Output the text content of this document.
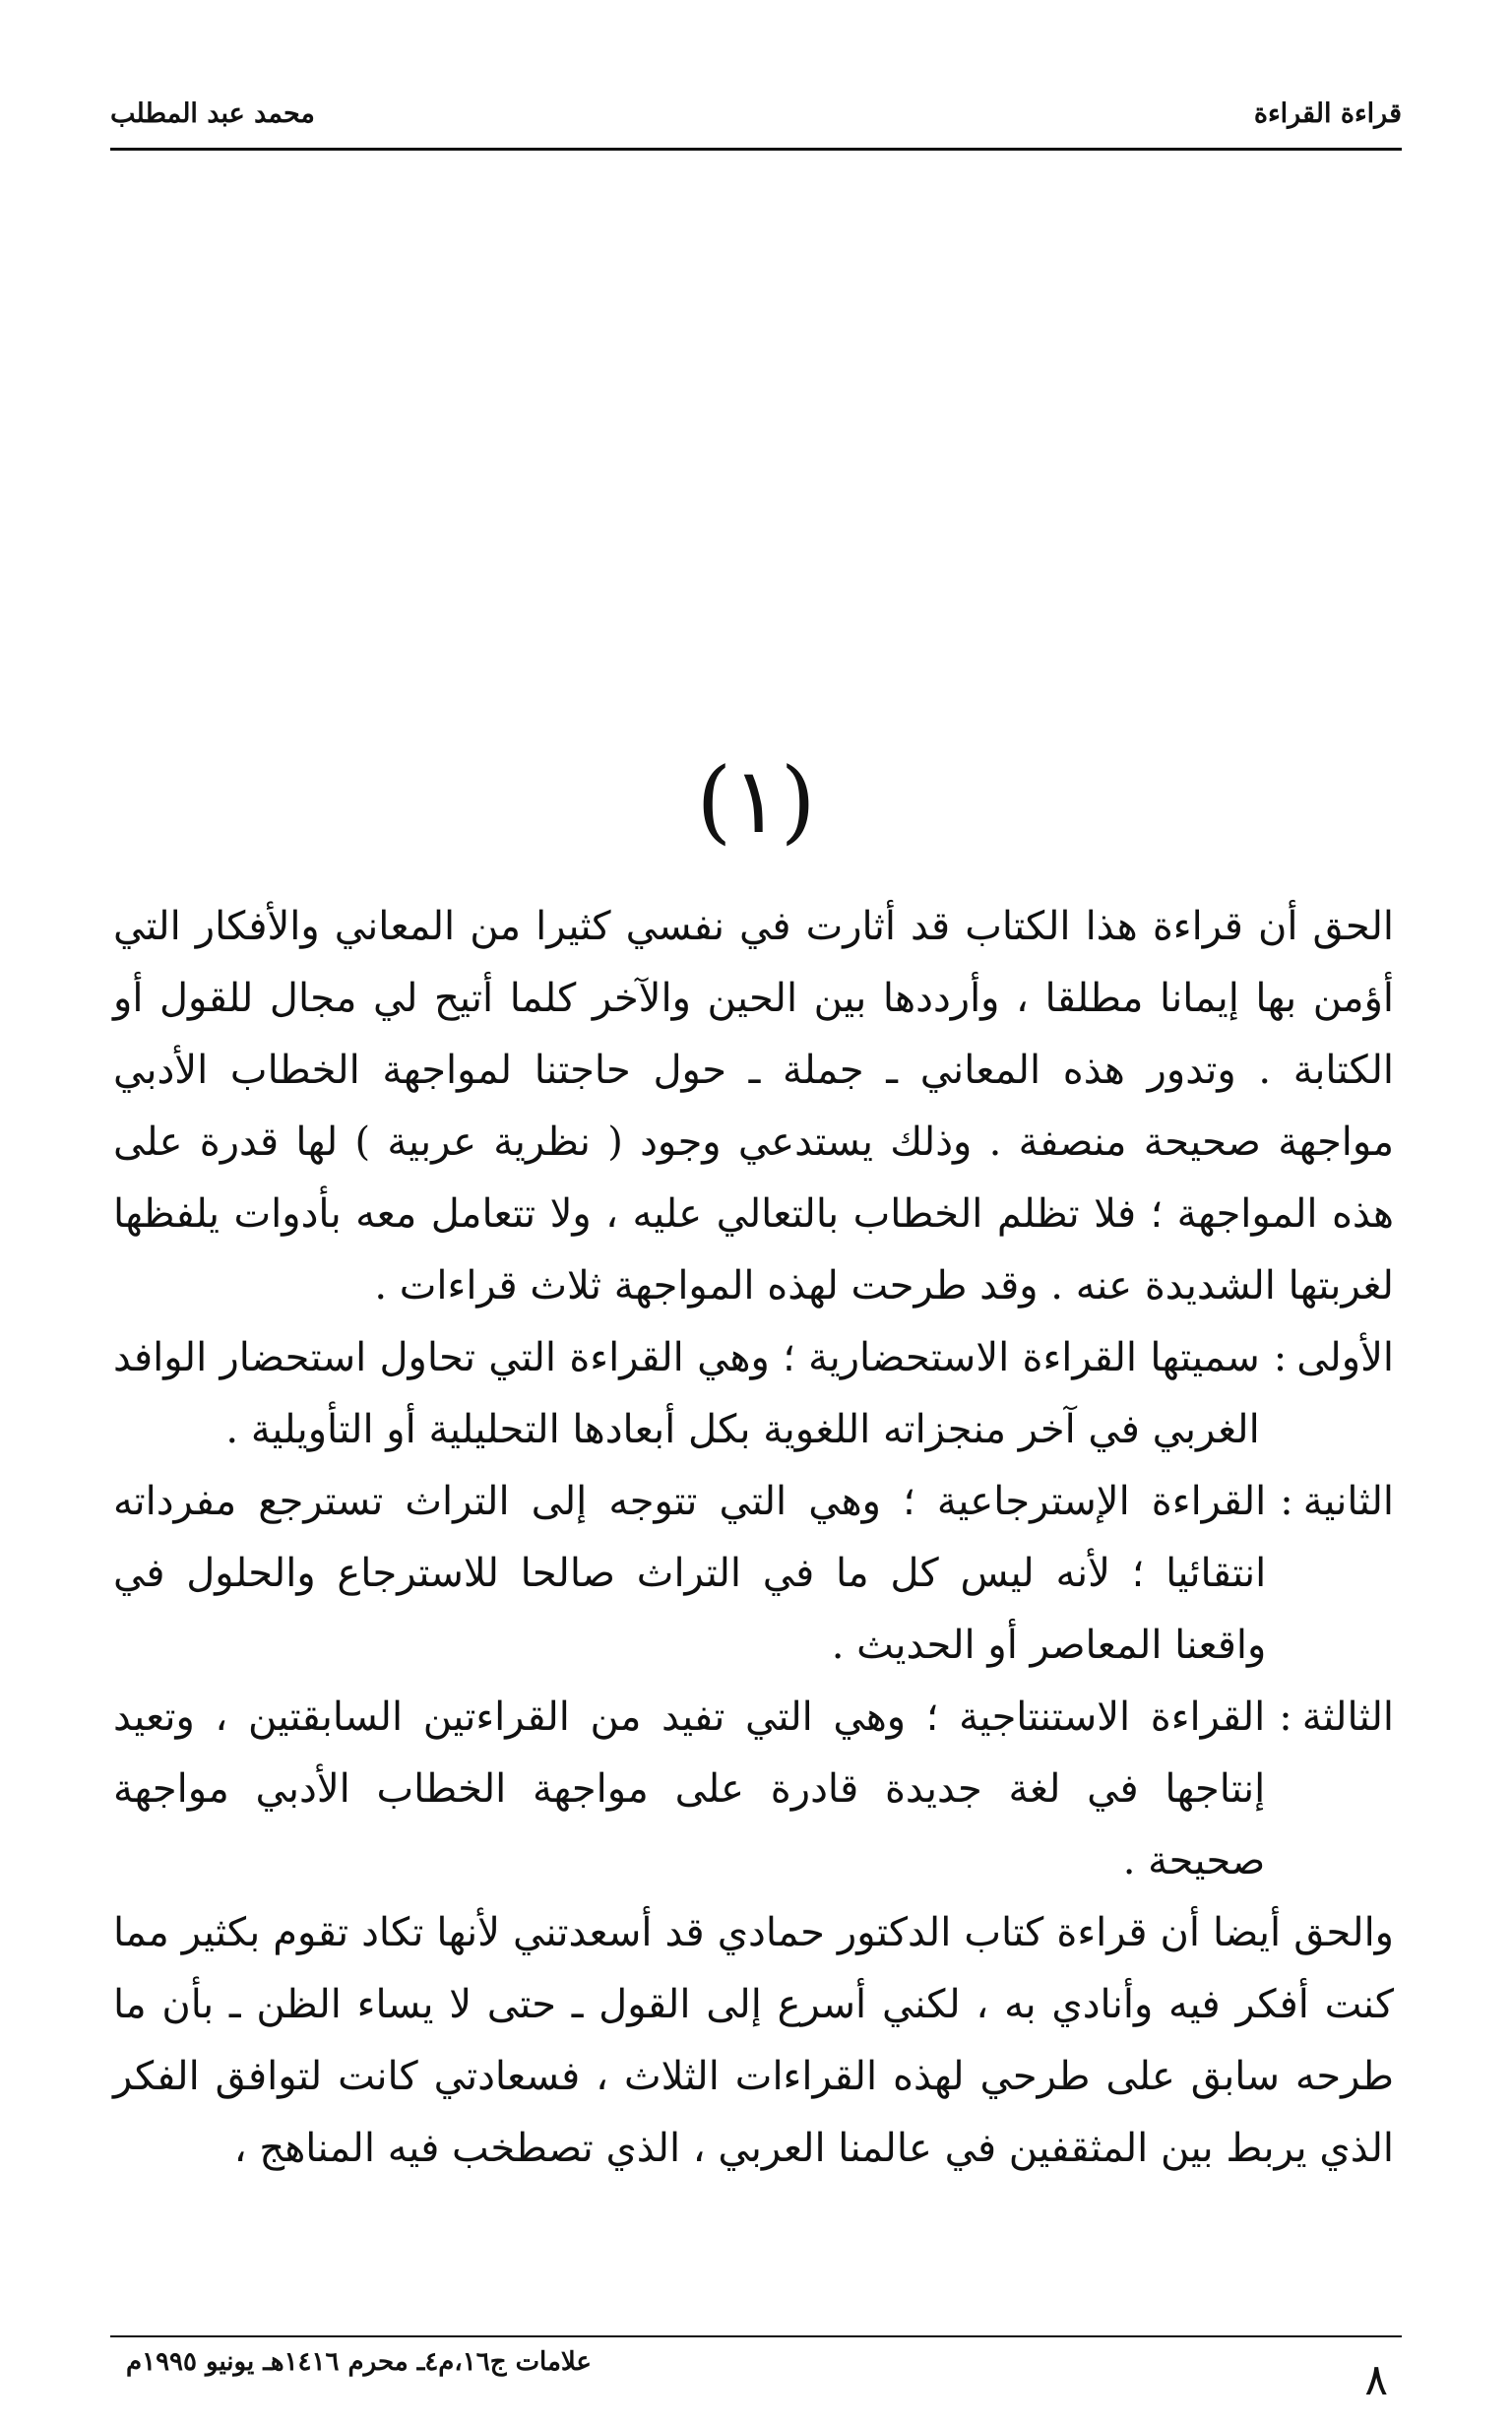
قراءة القراءة
محمد عبد المطلب
(١)

الحق أن قراءة هذا الكتاب قد أثارت في نفسي كثيرا من المعاني والأفكار التي أؤمن بها إيمانا مطلقا ، وأرددها بين الحين والآخر كلما أتيح لي مجال للقول أو الكتابة . وتدور هذه المعاني ـ جملة ـ حول حاجتنا لمواجهة الخطاب الأدبي مواجهة صحيحة منصفة . وذلك يستدعي وجود ( نظرية عربية ) لها قدرة على هذه المواجهة ؛ فلا تظلم الخطاب بالتعالي عليه ، ولا تتعامل معه بأدوات يلفظها لغربتها الشديدة عنه . وقد طرحت لهذه المواجهة ثلاث قراءات .

الأولى
:
سميتها القراءة الاستحضارية ؛ وهي القراءة التي تحاول استحضار الوافد الغربي في آخر منجزاته اللغوية بكل أبعادها التحليلية أو التأويلية .
الثانية
:
القراءة الإسترجاعية ؛ وهي التي تتوجه إلى التراث تسترجع مفرداته انتقائيا ؛ لأنه ليس كل ما في التراث صالحا للاسترجاع والحلول في واقعنا المعاصر أو الحديث .
الثالثة
:
القراءة الاستنتاجية ؛ وهي التي تفيد من القراءتين السابقتين ، وتعيد إنتاجها في لغة جديدة قادرة على مواجهة الخطاب الأدبي مواجهة صحيحة .

والحق أيضا أن قراءة كتاب الدكتور حمادي قد أسعدتني لأنها تكاد تقوم بكثير مما كنت أفكر فيه وأنادي به ، لكني أسرع إلى القول ـ حتى لا يساء الظن ـ بأن ما طرحه سابق على طرحي لهذه القراءات الثلاث ، فسعادتي كانت لتوافق الفكر الذي يربط بين المثقفين في عالمنا العربي ، الذي تصطخب فيه المناهج ،

علامات ج١٦،م٤ـ محرم ١٤١٦هـ يونيو ١٩٩٥م	٨
